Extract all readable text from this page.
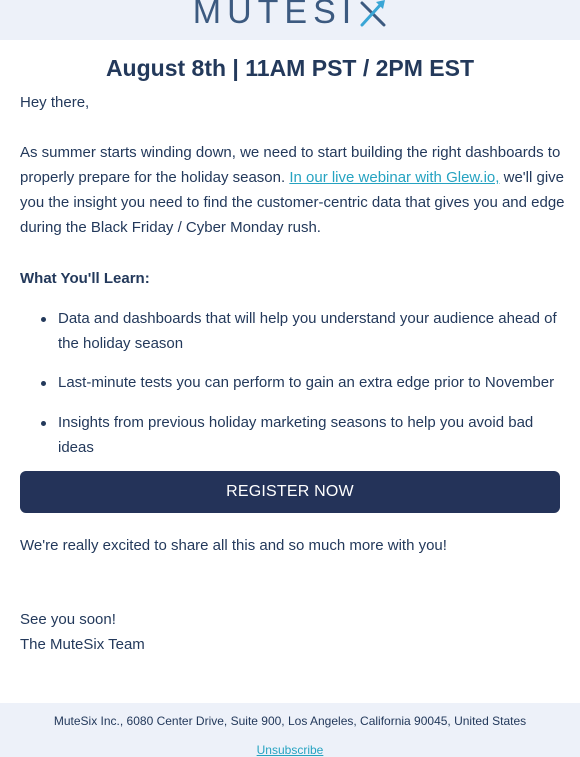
MUTESI
August 8th | 11AM PST / 2PM EST
Hey there,
As summer starts winding down, we need to start building the right dashboards to properly prepare for the holiday season. In our live webinar with Glew.io, we'll give you the insight you need to find the customer-centric data that gives you and edge during the Black Friday / Cyber Monday rush.
What You'll Learn:
Data and dashboards that will help you understand your audience ahead of the holiday season
Last-minute tests you can perform to gain an extra edge prior to November
Insights from previous holiday marketing seasons to help you avoid bad ideas
REGISTER NOW
We're really excited to share all this and so much more with you!
See you soon!
The MuteSix Team
MuteSix Inc., 6080 Center Drive, Suite 900, Los Angeles, California 90045, United States
Unsubscribe
